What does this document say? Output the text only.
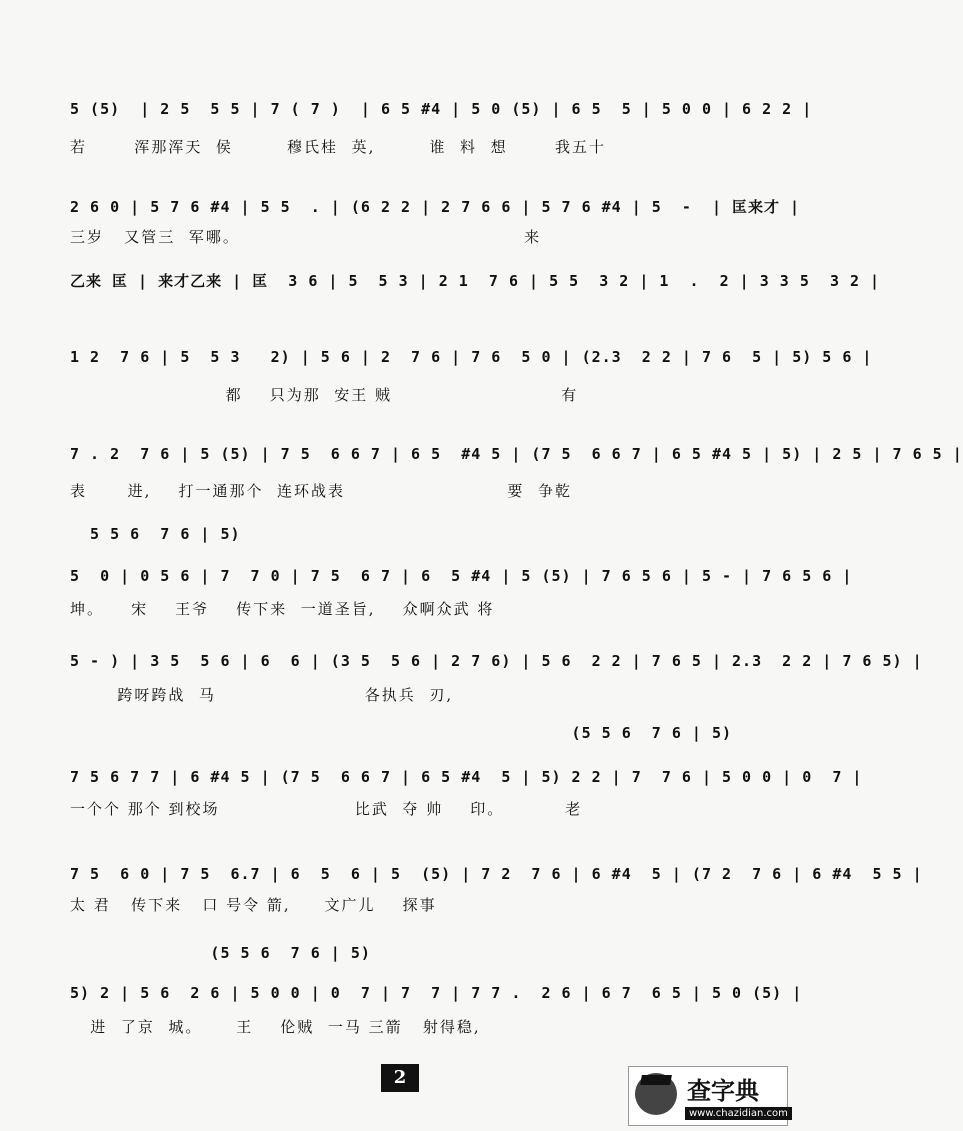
5 (5)  | 2 5  5 5 | 7 ( 7 )  | 6 5 #4 | 5 0 (5) | 6 5  5 | 5 0 0 | 6 2 2 |
若       浑那浑天  侯        穆氏桂  英,        谁  料  想       我五十
2 6 0 | 5 7 6 #4 | 5 5  . | (6 2 2 | 2 7 6 6 | 5 7 6 #4 | 5  -  | 匡来才 |
三岁   又管三  军哪。                                          来
乙来 匡 | 来才乙来 | 匡  3 6 | 5  5 3 | 2 1  7 6 | 5 5  3 2 | 1  .  2 | 3 3 5  3 2 |
1 2  7 6 | 5  5 3   2) | 5 6 | 2  7 6 | 7 6  5 0 | (2.3  2 2 | 7 6  5 | 5) 5 6 |
都    只为那  安王 贼                         有
7 . 2  7 6 | 5 (5) | 7 5  6 6 7 | 6 5  #4 5 | (7 5  6 6 7 | 6 5 #4 5 | 5) | 2 5 | 7 6 5 |
表      进,    打一通那个  连环战表                        要  争乾
5 5 6  7 6 | 5)
5  0 | 0 5 6 | 7  7 0 | 7 5  6 7 | 6  5 #4 | 5 (5) | 7 6 5 6 | 5 - | 7 6 5 6 |
坤。    宋    王爷    传下来  一道圣旨,    众啊众武 将
5 - ) | 3 5  5 6 | 6  6 | (3 5  5 6 | 2 7 6) | 5 6  2 2 | 7 6 5 | 2.3  2 2 | 7 6 5) |
跨呀跨战  马                      各执兵  刃,
(5 5 6  7 6 | 5)
7 5 6 7 7 | 6 #4 5 | (7 5  6 6 7 | 6 5 #4  5 | 5) 2 2 | 7  7 6 | 5 0 0 | 0  7 |
一个个 那个 到校场                    比武  夺 帅    印。         老
7 5  6 0 | 7 5  6.7 | 6  5  6 | 5  (5) | 7 2  7 6 | 6 #4  5 | (7 2  7 6 | 6 #4  5 5 |
太 君   传下来   口 号令 箭,     文广儿    探事
(5 5 6  7 6 | 5)
5) 2 | 5 6  2 6 | 5 0 0 | 0  7 | 7  7 | 7 7 .  2 6 | 6 7  6 5 | 5 0 (5) |
进  了京  城。     王    伦贼  一马 三箭   射得稳,
2	查字典
www.chazidian.com t
